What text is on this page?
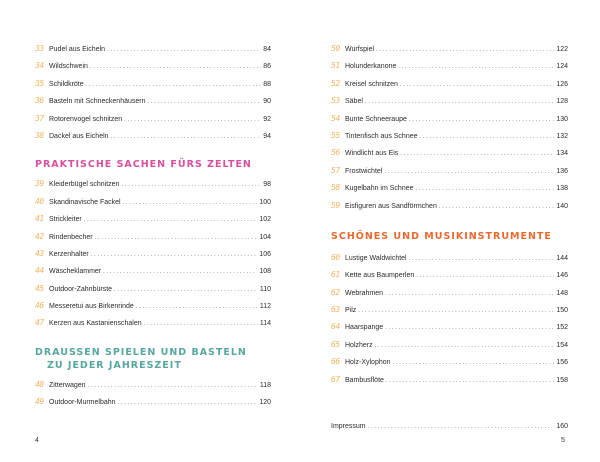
33 Pudel aus Eicheln . . .	84
34 Wildschwein . . .	86
35 Schildkröte . . .	88
36 Basteln mit Schneckenhäusern . . .	90
37 Rotorenvogel schnitzen . . .	92
38 Dackel aus Eicheln . . .	94
PRAKTISCHE SACHEN FÜRS ZELTEN
39 Kleiderbügel schnitzen . . .	98
40 Skandinavische Fackel . . .	100
41 Strickleiter . . .	102
42 Rindenbecher . . .	104
43 Kerzenhalter . . .	106
44 Wäscheklammer . . .	108
45 Outdoor-Zahnbürste . . .	110
46 Messeretui aus Birkenrinde . . .	112
47 Kerzen aus Kastanienschalen . . .	114
DRAUSSEN SPIELEN UND BASTELN
ZU JEDER JAHRESZEIT
48 Zitterwagen . . .	118
49 Outdoor-Murmelbahn . . .	120
50 Wurfspiel . . .	122
51 Holunderkanone . . .	124
52 Kreisel schnitzen . . .	126
53 Säbel . . .	128
54 Bunte Schneeraupe . . .	130
55 Tintenfisch aus Schnee . . .	132
56 Windlicht aus Eis . . .	134
57 Frostwichtel . . .	136
58 Kugelbahn im Schnee . . .	138
59 Eisfiguren aus Sandförmchen . . .	140
SCHÖNES UND MUSIKINSTRUMENTE
60 Lustige Waldwichtel . . .	144
61 Kette aus Baumperlen . . .	146
62 Webrahmen . . .	148
63 Pilz . . .	150
64 Haarspange . . .	152
65 Holzherz . . .	154
66 Holz-Xylophon . . .	156
67 Bambusflöte . . .	158
Impressum . . .	160
4	5
